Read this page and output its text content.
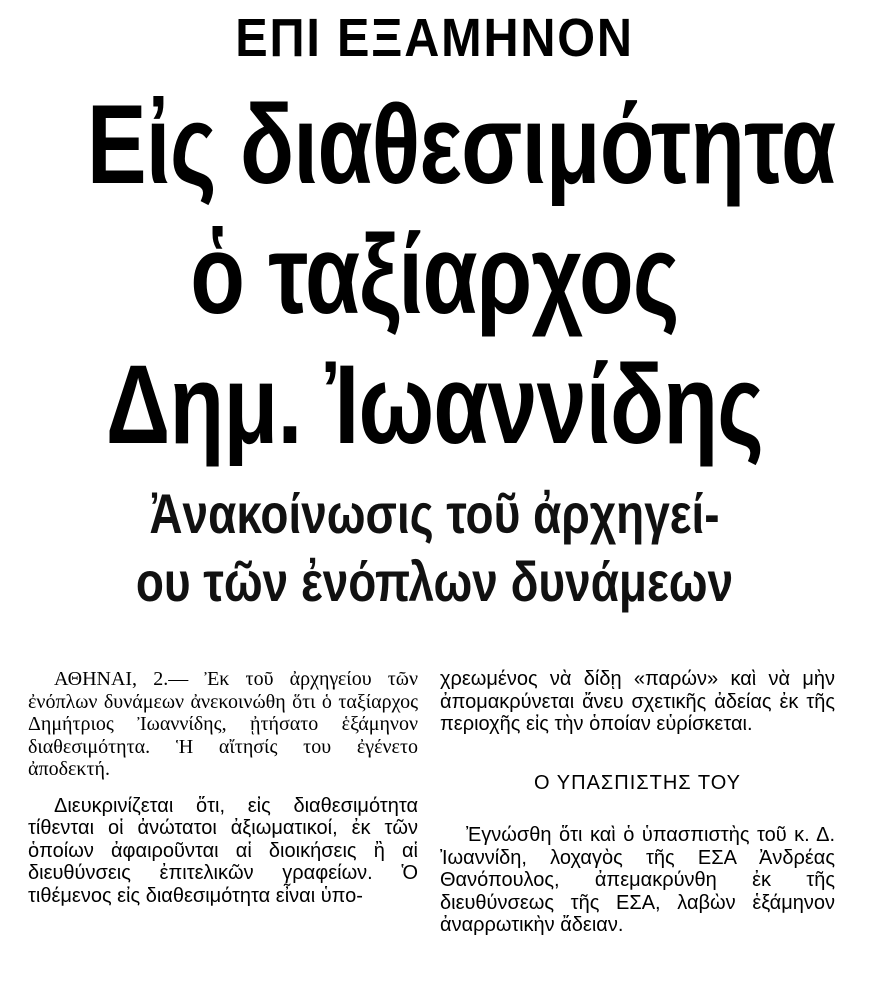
ΕΠΙ ΕΞΑΜΗΝΟΝ
Εἰς διαθεσιμότητα
ὁ ταξίαρχος
Δημ. Ἰωαννίδης
Ἀνακοίνωσις τοῦ ἀρχηγεί-
ου τῶν ἐνόπλων δυνάμεων

ΑΘΗΝΑΙ, 2.— Ἐκ τοῦ ἀρχηγείου τῶν ἐνόπλων δυνάμεων ἀνεκοινώθη ὅτι ὁ ταξίαρχος Δημήτριος Ἰωαννίδης, ᾐτήσατο ἑξάμηνον διαθεσιμότητα. Ἡ αἴτησίς του ἐγένετο ἀποδεκτή.

Διευκρινίζεται ὅτι, εἰς διαθεσιμότητα τίθενται οἱ ἀνώτατοι ἀξιωματικοί, ἐκ τῶν ὁποίων ἀφαιροῦνται αἱ διοικήσεις ἢ αἱ διευθύνσεις ἐπιτελικῶν γραφείων. Ὁ τιθέμενος εἰς διαθεσιμότητα εἶναι ὑπο-

χρεωμένος νὰ δίδῃ «παρών» καὶ νὰ μὴν ἀπομακρύνεται ἄνευ σχετικῆς ἀδείας ἐκ τῆς περιοχῆς εἰς τὴν ὁποίαν εὑρίσκεται.

Ο ΥΠΑΣΠΙΣΤΗΣ ΤΟΥ

Ἐγνώσθη ὅτι καὶ ὁ ὑπασπιστὴς τοῦ κ. Δ. Ἰωαννίδη, λοχαγὸς τῆς ΕΣΑ Ἀνδρέας Θανόπουλος, ἀπεμακρύνθη ἐκ τῆς διευθύνσεως τῆς ΕΣΑ, λαβὼν ἑξάμηνον ἀναρρωτικὴν ἄδειαν.
